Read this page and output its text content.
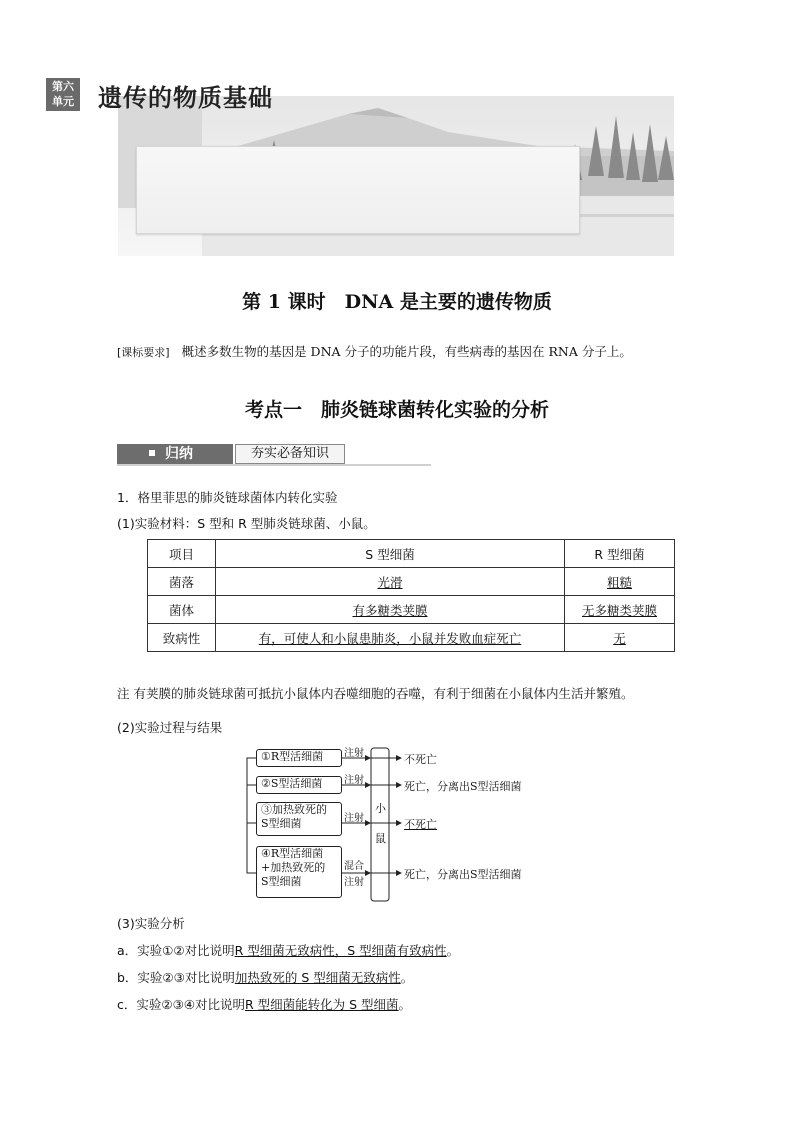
第六
单元 遗传的物质基础
第 1 课时　DNA 是主要的遗传物质
[课标要求] 概述多数生物的基因是 DNA 分子的功能片段，有些病毒的基因在 RNA 分子上。
考点一　肺炎链球菌转化实验的分析
归纳	夯实必备知识
1．格里菲思的肺炎链球菌体内转化实验
(1)实验材料：S 型和 R 型肺炎链球菌、小鼠。
项目	S 型细菌	R 型细菌
菌落	光滑	粗糙
菌体	有多糖类荚膜	无多糖类荚膜
致病性	有，可使人和小鼠患肺炎，小鼠并发败血症死亡	无
注 有荚膜的肺炎链球菌可抵抗小鼠体内吞噬细胞的吞噬，有利于细菌在小鼠体内生活并繁殖。
(2)实验过程与结果
①R型活细菌
②S型活细菌
③加热致死的
S型细菌
④R型活细菌
+加热致死的
S型细菌
注射
注射
注射
混合
注射
小
鼠
不死亡
死亡，分离出S型活细菌
不死亡
死亡，分离出S型活细菌
(3)实验分析
a．实验①②对比说明R 型细菌无致病性，S 型细菌有致病性。
b．实验②③对比说明加热致死的 S 型细菌无致病性。
c．实验②③④对比说明R 型细菌能转化为 S 型细菌。
